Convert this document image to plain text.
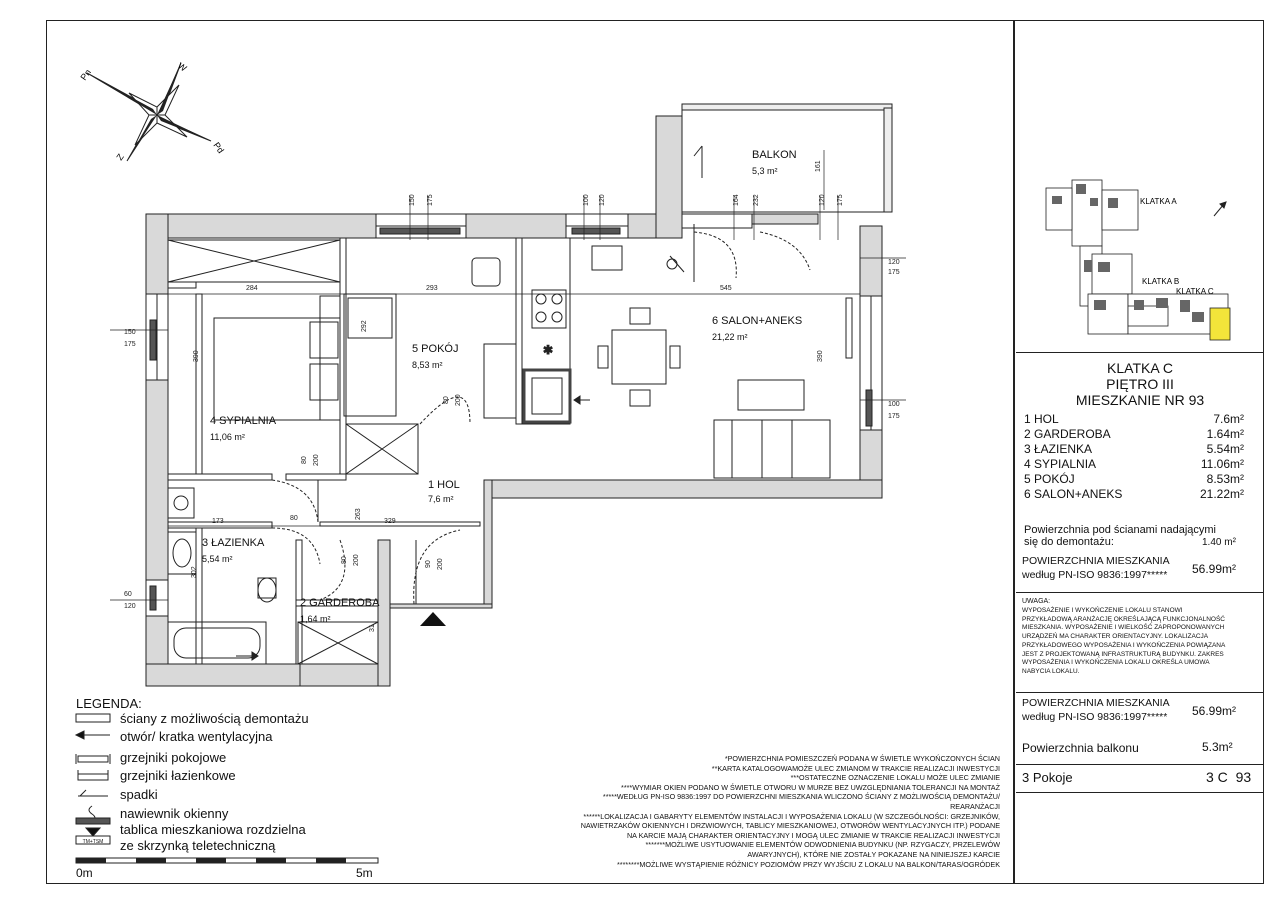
Pn
W
Z
Pd
✱
150 175	100 120	164 232	120 175
161
284	293	545
292
390	390
120
175
150
175
100
175
80 200
80 200
173	80	263
329
80 200	90 200
302
60
120
31
BALKON
5,3 m²
5 POKÓJ
8,53 m²
6 SALON+ANEKS
21,22 m²
4 SYPIALNIA
11,06 m²
1 HOL
7,6 m²
3 ŁAZIENKA
5,54 m²
2 GARDEROBA
1,64 m²
TM+TSM
LEGENDA:
ściany z możliwością demontażu
otwór/ kratka wentylacyjna
grzejniki pokojowe
grzejniki łazienkowe
spadki
nawiewnik okienny
tablica mieszkaniowa rozdzielna
ze skrzynką teletechniczną
0m	5m
*POWIERZCHNIA POMIESZCZEŃ PODANA W ŚWIETLE WYKOŃCZONYCH ŚCIAN
**KARTA KATALOGOWAMOŻE ULEC ZMIANOM W TRAKCIE REALIZACJI INWESTYCJI
***OSTATECZNE OZNACZENIE LOKALU MOŻE ULEC ZMIANIE
****WYMIAR OKIEN PODANO W ŚWIETLE OTWORU W MURZE BEZ UWZGLĘDNIANIA TOLERANCJI NA MONTAŻ
*****WEDŁUG PN-ISO 9836:1997 DO POWIERZCHNI MIESZKANIA WLICZONO ŚCIANY Z MOŻLIWOŚCIĄ DEMONTAŻU/
REARANŻACJI
******LOKALIZACJA I GABARYTY ELEMENTÓW INSTALACJI I WYPOSAŻENIA LOKALU (W SZCZEGÓLNOŚCI: GRZEJNIKÓW,
NAWIETRZAKÓW OKIENNYCH I DRZWIOWYCH, TABLICY MIESZKANIOWEJ, OTWORÓW WENTYLACYJNYCH ITP.) PODANE
NA KARCIE MAJĄ CHARAKTER ORIENTACYJNY I MOGĄ ULEC ZMIANIE W TRAKCIE REALIZACJI INWESTYCJI
*******MOŻLIWE USYTUOWANIE ELEMENTÓW ODWODNIENIA BUDYNKU (NP. RZYGACZY, PRZELEWÓW
AWARYJNYCH), KTÓRE NIE ZOSTAŁY POKAZANE NA NINIEJSZEJ KARCIE
********MOŻLIWE WYSTĄPIENIE RÓŻNICY POZIOMÓW PRZY WYJŚCIU Z LOKALU NA BALKON/TARAS/OGRÓDEK
KLATKA A
KLATKA B
KLATKA C
KLATKA C
PIĘTRO III
MIESZKANIE NR 93
1 HOL	7.6m²
2 GARDEROBA	1.64m²
3 ŁAZIENKA	5.54m²
4 SYPIALNIA	11.06m²
5 POKÓJ	8.53m²
6 SALON+ANEKS	21.22m²
Powierzchnia pod ścianami nadającymi
się do demontażu:	1.40 m²
POWIERZCHNIA MIESZKANIA
według PN-ISO 9836:1997***** 56.99m²
UWAGA:
WYPOSAŻENIE I WYKOŃCZENIE LOKALU STANOWI
PRZYKŁADOWĄ ARANŻACJĘ OKREŚLAJĄCĄ FUNKCJONALNOŚĆ
MIESZKANIA. WYPOSAŻENIE I WIELKOŚĆ ZAPROPONOWANYCH
URZĄDZEŃ MA CHARAKTER ORIENTACYJNY. LOKALIZACJA
PRZYKŁADOWEGO WYPOSAŻENIA I WYKOŃCZENIA POWIĄZANA
JEST Z PROJEKTOWANĄ INFRASTRUKTURĄ BUDYNKU. ZAKRES
WYPOSAŻENIA I WYKOŃCZENIA LOKALU OKREŚLA UMOWA
NABYCIA LOKALU.
POWIERZCHNIA MIESZKANIA
według PN-ISO 9836:1997***** 56.99m²
Powierzchnia balkonu	5.3m²
3 Pokoje	3 C  93
